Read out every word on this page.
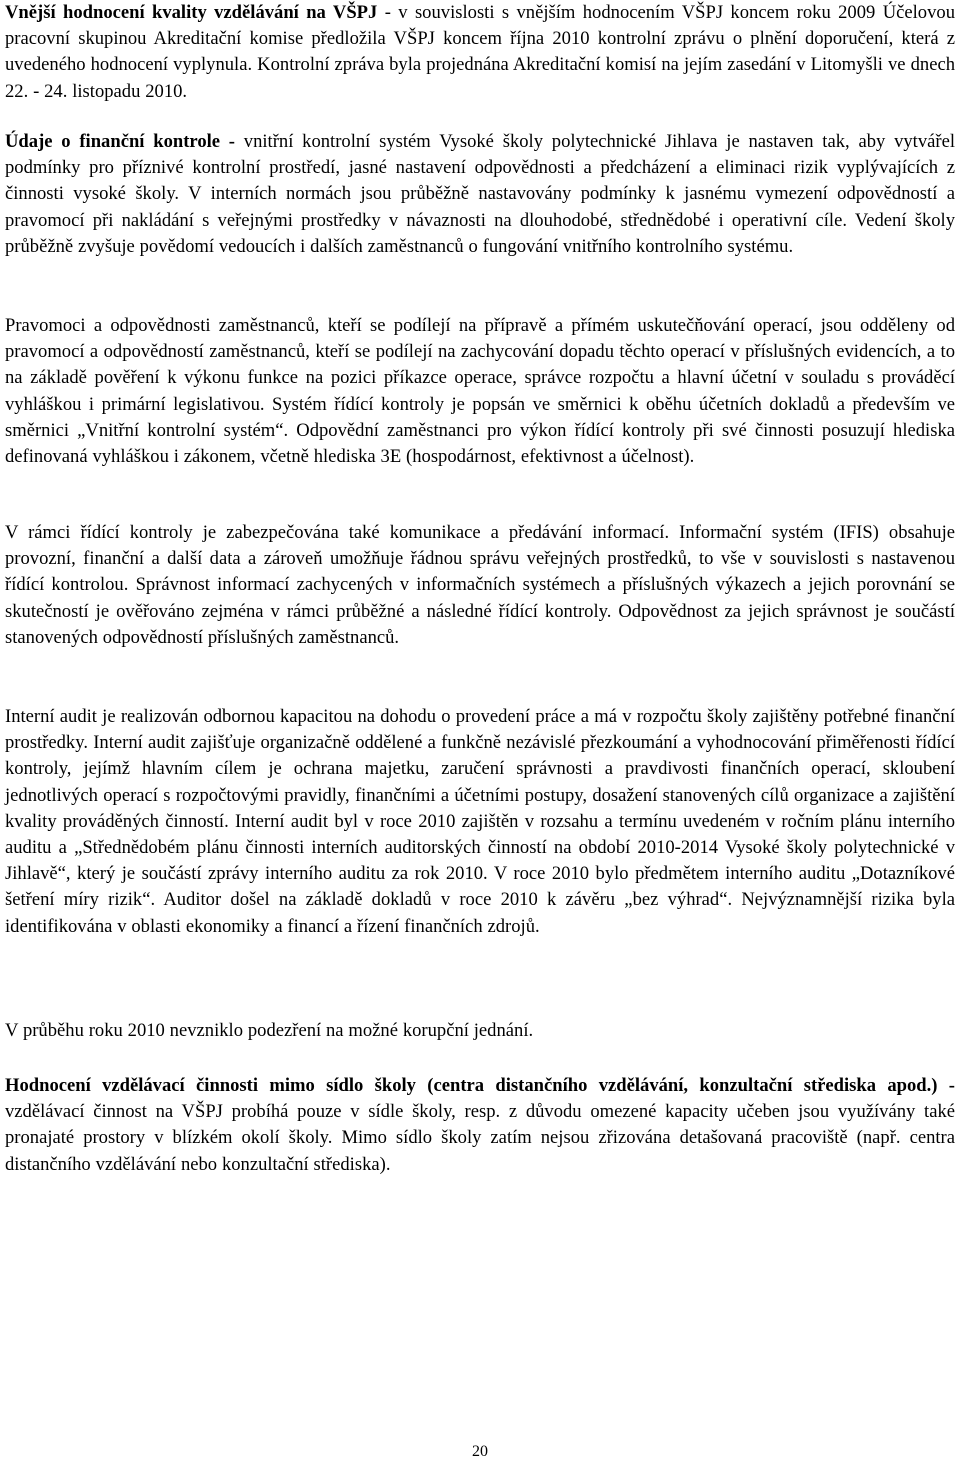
Vnější hodnocení kvality vzdělávání na VŠPJ - v souvislosti s vnějším hodnocením VŠPJ koncem roku 2009 Účelovou pracovní skupinou Akreditační komise předložila VŠPJ koncem října 2010 kontrolní zprávu o plnění doporučení, která z uvedeného hodnocení vyplynula. Kontrolní zpráva byla projednána Akreditační komisí na jejím zasedání v Litomyšli ve dnech 22. - 24. listopadu 2010.

Údaje o finanční kontrole - vnitřní kontrolní systém Vysoké školy polytechnické Jihlava je nastaven tak, aby vytvářel podmínky pro příznivé kontrolní prostředí, jasné nastavení odpovědnosti a předcházení a eliminaci rizik vyplývajících z činnosti vysoké školy. V interních normách jsou průběžně nastavovány podmínky k jasnému vymezení odpovědností a pravomocí při nakládání s veřejnými prostředky v návaznosti na dlouhodobé, střednědobé i operativní cíle. Vedení školy průběžně zvyšuje povědomí vedoucích i dalších zaměstnanců o fungování vnitřního kontrolního systému.

Pravomoci a odpovědnosti zaměstnanců, kteří se podílejí na přípravě a přímém uskutečňování operací, jsou odděleny od pravomocí a odpovědností zaměstnanců, kteří se podílejí na zachycování dopadu těchto operací v příslušných evidencích, a to na základě pověření k výkonu funkce na pozici příkazce operace, správce rozpočtu a hlavní účetní v souladu s prováděcí vyhláškou i primární legislativou. Systém řídící kontroly je popsán ve směrnici k oběhu účetních dokladů a především ve směrnici „Vnitřní kontrolní systém“. Odpovědní zaměstnanci pro výkon řídící kontroly při své činnosti posuzují hlediska definovaná vyhláškou i zákonem, včetně hlediska 3E (hospodárnost, efektivnost a účelnost).

V rámci řídící kontroly je zabezpečována také komunikace a předávání informací. Informační systém (IFIS) obsahuje provozní, finanční a další data a zároveň umožňuje řádnou správu veřejných prostředků, to vše v souvislosti s nastavenou řídící kontrolou. Správnost informací zachycených v informačních systémech a příslušných výkazech a jejich porovnání se skutečností je ověřováno zejména v rámci průběžné a následné řídící kontroly. Odpovědnost za jejich správnost je součástí stanovených odpovědností příslušných zaměstnanců.

Interní audit je realizován odbornou kapacitou na dohodu o provedení práce a má v rozpočtu školy zajištěny potřebné finanční prostředky. Interní audit zajišťuje organizačně oddělené a funkčně nezávislé přezkoumání a vyhodnocování přiměřenosti řídící kontroly, jejímž hlavním cílem je ochrana majetku, zaručení správnosti a pravdivosti finančních operací, skloubení jednotlivých operací s rozpočtovými pravidly, finančními a účetními postupy, dosažení stanovených cílů organizace a zajištění kvality prováděných činností. Interní audit byl v roce 2010 zajištěn v rozsahu a termínu uvedeném v ročním plánu interního auditu a „Střednědobém plánu činnosti interních auditorských činností na období 2010-2014 Vysoké školy polytechnické v Jihlavě“, který je součástí zprávy interního auditu za rok 2010. V roce 2010 bylo předmětem interního auditu „Dotazníkové šetření míry rizik“. Auditor došel na základě dokladů v roce 2010 k závěru „bez výhrad“. Nejvýznamnější rizika byla identifikována v oblasti ekonomiky a financí a řízení finančních zdrojů.

V průběhu roku 2010 nevzniklo podezření na možné korupční jednání.

Hodnocení vzdělávací činnosti mimo sídlo školy (centra distančního vzdělávání, konzultační střediska apod.) - vzdělávací činnost na VŠPJ probíhá pouze v sídle školy, resp. z důvodu omezené kapacity učeben jsou využívány také pronajaté prostory v blízkém okolí školy. Mimo sídlo školy zatím nejsou zřizována detašovaná pracoviště (např. centra distančního vzdělávání nebo konzultační střediska).

20
